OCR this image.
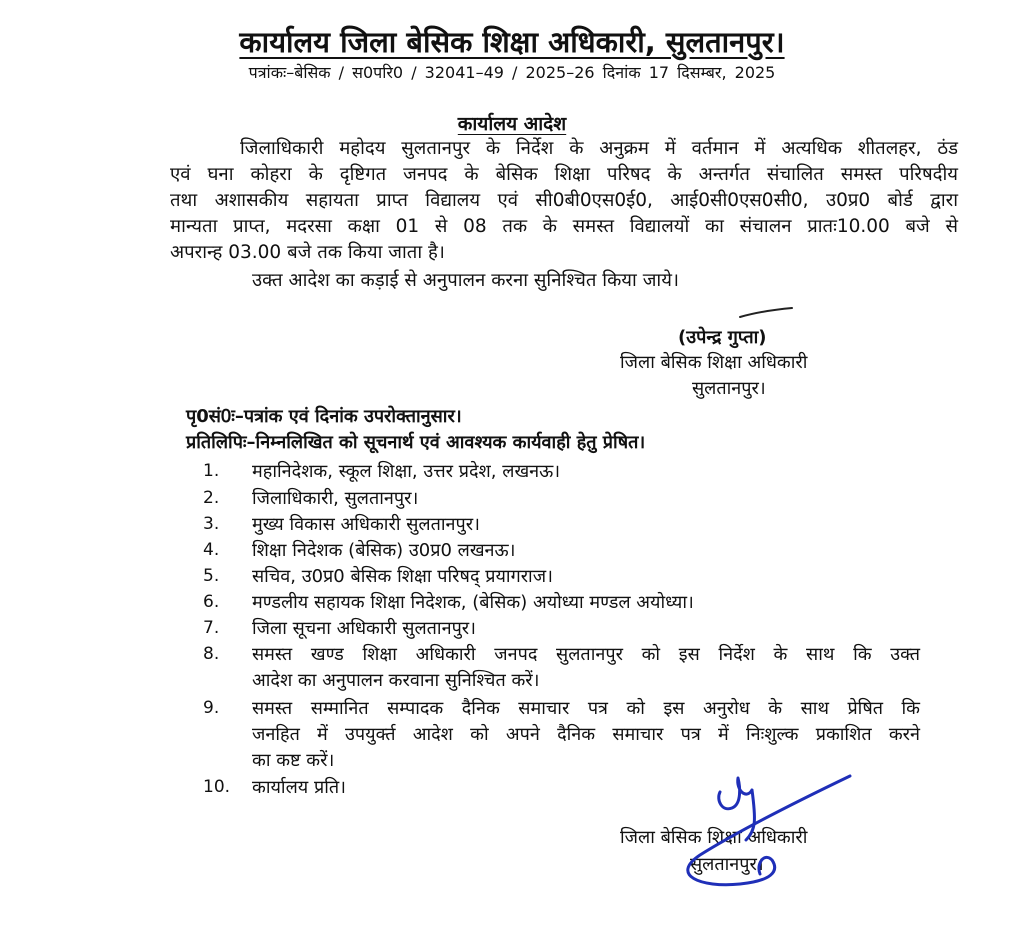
कार्यालय जिला बेसिक शिक्षा अधिकारी, सुलतानपुर।
पत्रांकः–बेसिक / स0परि0 / 32041–49 / 2025–26 दिनांक 17 दिसम्बर, 2025
कार्यालय आदेश
जिलाधिकारी महोदय सुलतानपुर के निर्देश के अनुक्रम में वर्तमान में अत्यधिक शीतलहर, ठंड
एवं घना कोहरा के दृष्टिगत जनपद के बेसिक शिक्षा परिषद के अन्तर्गत संचालित समस्त परिषदीय
तथा अशासकीय सहायता प्राप्त विद्यालय एवं सी0बी0एस0ई0, आई0सी0एस0सी0, उ0प्र0 बोर्ड द्वारा
मान्यता प्राप्त, मदरसा कक्षा 01 से 08 तक के समस्त विद्यालयों का संचालन प्रातः10.00 बजे से
अपरान्ह 03.00 बजे तक किया जाता है।
उक्त आदेश का कड़ाई से अनुपालन करना सुनिश्चित किया जाये।
(उपेन्द्र गुप्ता)
जिला बेसिक शिक्षा अधिकारी
सुलतानपुर।
पृ0सं0ः–पत्रांक एवं दिनांक उपरोक्तानुसार।
प्रतिलिपिः–निम्नलिखित को सूचनार्थ एवं आवश्यक कार्यवाही हेतु प्रेषित।
1.	महानिदेशक, स्कूल शिक्षा, उत्तर प्रदेश, लखनऊ।
2.	जिलाधिकारी, सुलतानपुर।
3.	मुख्य विकास अधिकारी सुलतानपुर।
4.	शिक्षा निदेशक (बेसिक) उ0प्र0 लखनऊ।
5.	सचिव, उ0प्र0 बेसिक शिक्षा परिषद् प्रयागराज।
6.	मण्डलीय सहायक शिक्षा निदेशक, (बेसिक) अयोध्या मण्डल अयोध्या।
7.	जिला सूचना अधिकारी सुलतानपुर।
8.	समस्त खण्ड शिक्षा अधिकारी जनपद सुलतानपुर को इस निर्देश के साथ कि उक्त
आदेश का अनुपालन करवाना सुनिश्चित करें।
9.	समस्त सम्मानित सम्पादक दैनिक समाचार पत्र को इस अनुरोध के साथ प्रेषित कि
जनहित में उपयुर्क्त आदेश को अपने दैनिक समाचार पत्र में निःशुल्क प्रकाशित करने
का कष्ट करें।
10.	कार्यालय प्रति।
जिला बेसिक शिक्षा अधिकारी
सुलतानपुर।
